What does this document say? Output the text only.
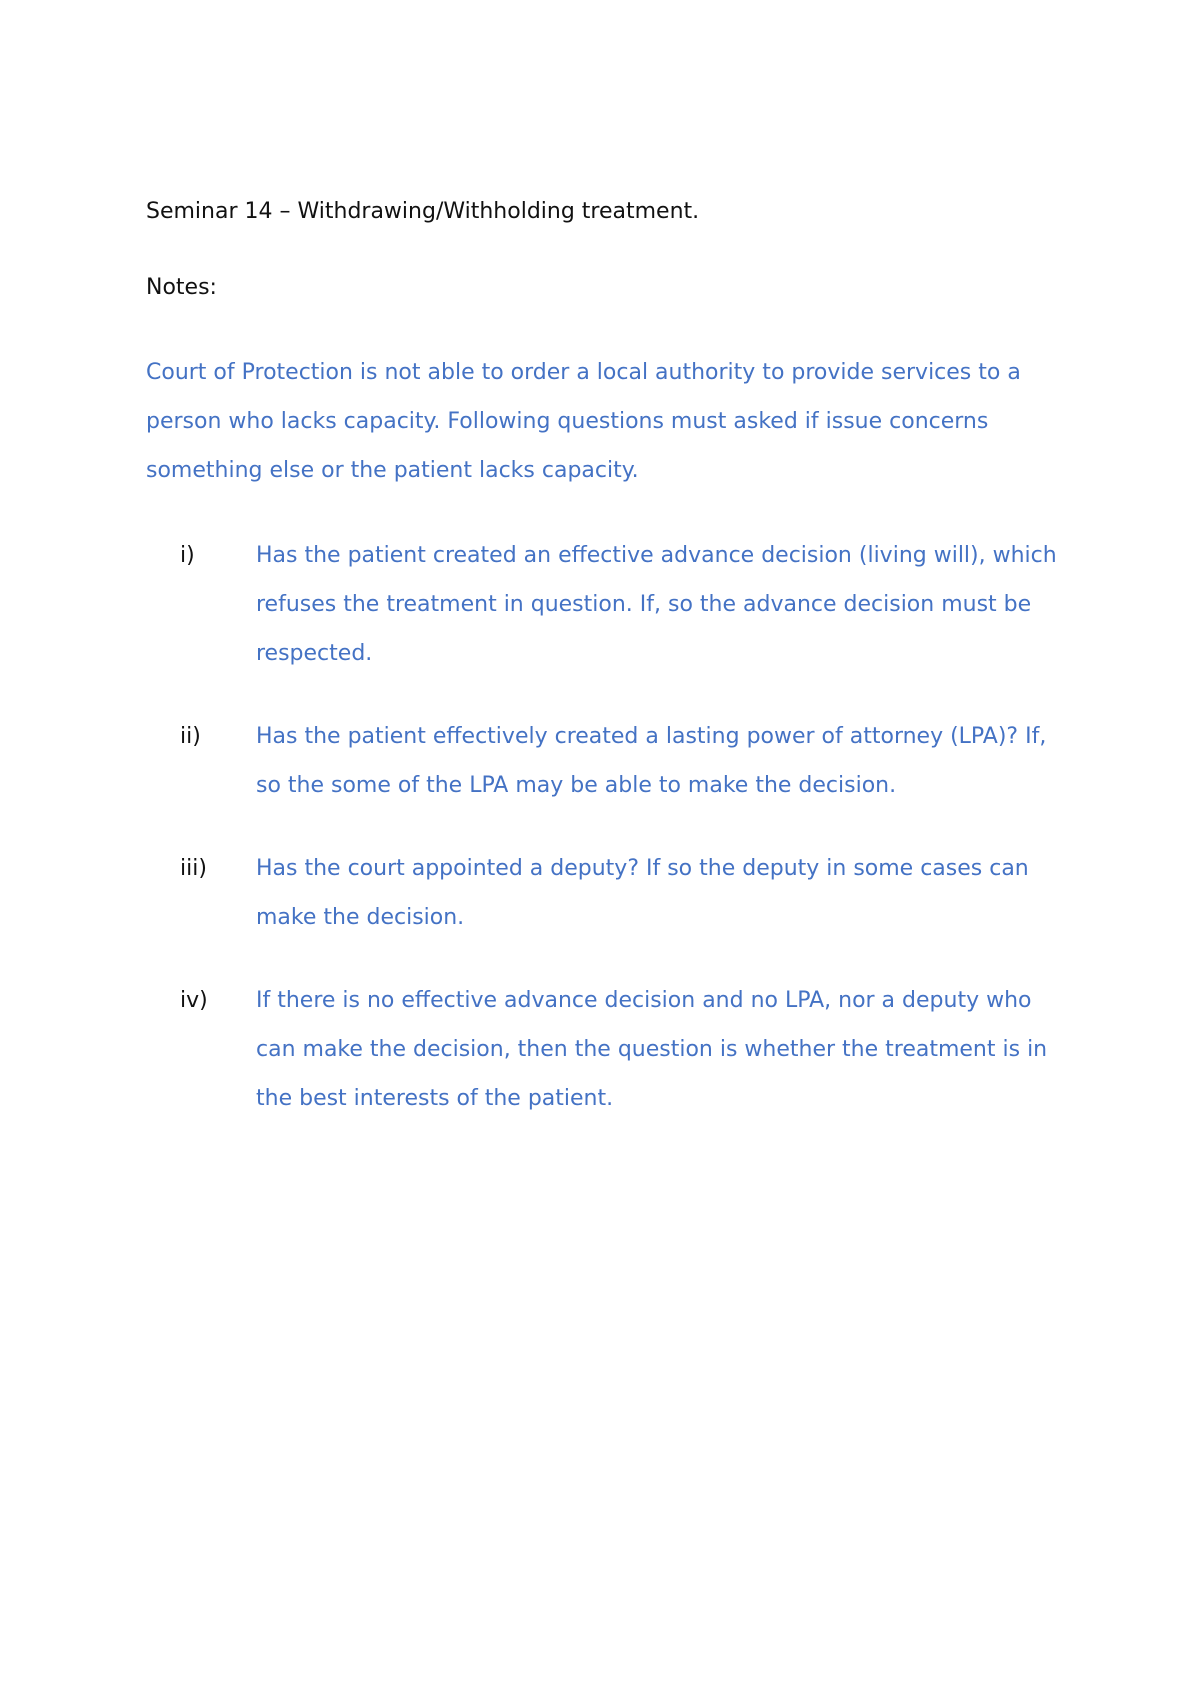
Seminar 14 – Withdrawing/Withholding treatment.
Notes:
Court of Protection is not able to order a local authority to provide services to a person who lacks capacity. Following questions must asked if issue concerns something else or the patient lacks capacity.
i)	Has the patient created an effective advance decision (living will), which refuses the treatment in question. If, so the advance decision must be respected.
ii)	Has the patient effectively created a lasting power of attorney (LPA)? If, so the some of the LPA may be able to make the decision.
iii)	Has the court appointed a deputy? If so the deputy in some cases can make the decision.
iv)	If there is no effective advance decision and no LPA, nor a deputy who can make the decision, then the question is whether the treatment is in the best interests of the patient.
